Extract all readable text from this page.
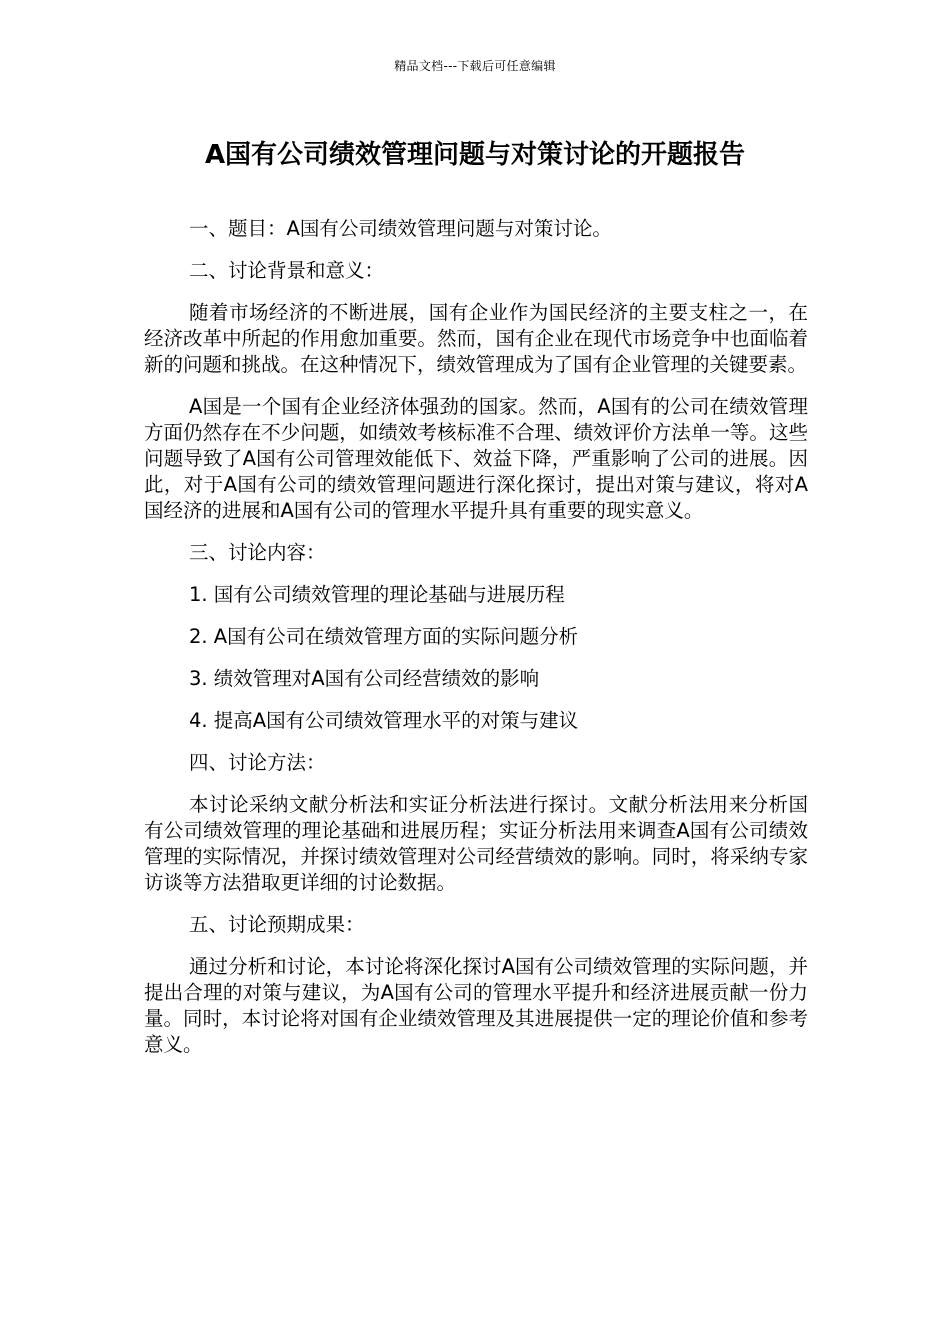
精品文档---下载后可任意编辑
A国有公司绩效管理问题与对策讨论的开题报告

一、题目：A国有公司绩效管理问题与对策讨论。

二、讨论背景和意义：

随着市场经济的不断进展，国有企业作为国民经济的主要支柱之一，在经济改革中所起的作用愈加重要。然而，国有企业在现代市场竞争中也面临着新的问题和挑战。在这种情况下，绩效管理成为了国有企业管理的关键要素。

A国是一个国有企业经济体强劲的国家。然而，A国有的公司在绩效管理方面仍然存在不少问题，如绩效考核标准不合理、绩效评价方法单一等。这些问题导致了A国有公司管理效能低下、效益下降，严重影响了公司的进展。因此，对于A国有公司的绩效管理问题进行深化探讨，提出对策与建议，将对A国经济的进展和A国有公司的管理水平提升具有重要的现实意义。

三、讨论内容：

1. 国有公司绩效管理的理论基础与进展历程

2. A国有公司在绩效管理方面的实际问题分析

3. 绩效管理对A国有公司经营绩效的影响

4. 提高A国有公司绩效管理水平的对策与建议

四、讨论方法：

本讨论采纳文献分析法和实证分析法进行探讨。文献分析法用来分析国有公司绩效管理的理论基础和进展历程；实证分析法用来调查A国有公司绩效管理的实际情况，并探讨绩效管理对公司经营绩效的影响。同时，将采纳专家访谈等方法猎取更详细的讨论数据。

五、讨论预期成果：

通过分析和讨论，本讨论将深化探讨A国有公司绩效管理的实际问题，并提出合理的对策与建议，为A国有公司的管理水平提升和经济进展贡献一份力量。同时，本讨论将对国有企业绩效管理及其进展提供一定的理论价值和参考意义。
